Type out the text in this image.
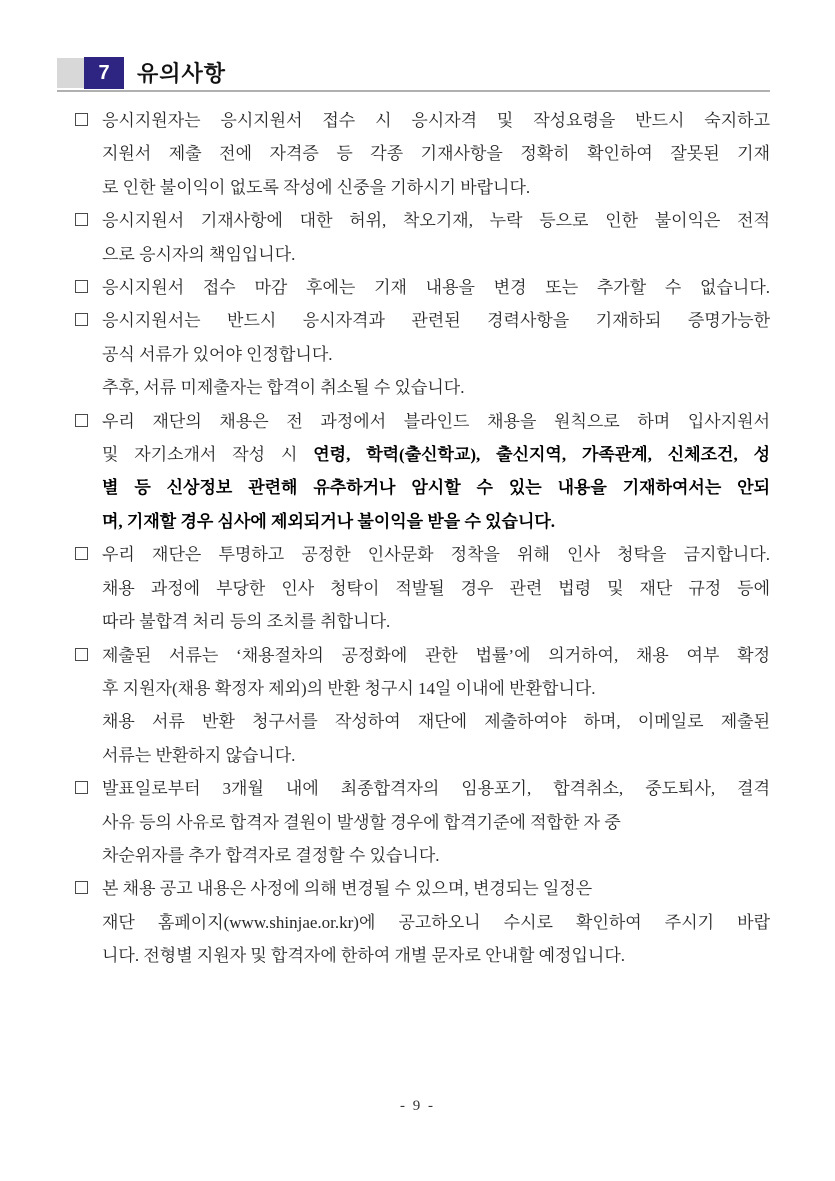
7	유의사항
응시지원자는 응시지원서 접수 시 응시자격 및 작성요령을 반드시 숙지하고
지원서 제출 전에 자격증 등 각종 기재사항을 정확히 확인하여 잘못된 기재
로 인한 불이익이 없도록 작성에 신중을 기하시기 바랍니다.
응시지원서 기재사항에 대한 허위, 착오기재, 누락 등으로 인한 불이익은 전적
으로 응시자의 책임입니다.
응시지원서 접수 마감 후에는 기재 내용을 변경 또는 추가할 수 없습니다.
응시지원서는 반드시 응시자격과 관련된 경력사항을 기재하되 증명가능한
공식 서류가 있어야 인정합니다.
추후, 서류 미제출자는 합격이 취소될 수 있습니다.
우리 재단의 채용은 전 과정에서 블라인드 채용을 원칙으로 하며 입사지원서
및 자기소개서 작성 시 연령, 학력(출신학교), 출신지역, 가족관계, 신체조건, 성
별 등 신상정보 관련해 유추하거나 암시할 수 있는 내용을 기재하여서는 안되
며, 기재할 경우 심사에 제외되거나 불이익을 받을 수 있습니다.
우리 재단은 투명하고 공정한 인사문화 정착을 위해 인사 청탁을 금지합니다.
채용 과정에 부당한 인사 청탁이 적발될 경우 관련 법령 및 재단 규정 등에
따라 불합격 처리 등의 조치를 취합니다.
제출된 서류는 ‘채용절차의 공정화에 관한 법률’에 의거하여, 채용 여부 확정
후 지원자(채용 확정자 제외)의 반환 청구시 14일 이내에 반환합니다.
채용 서류 반환 청구서를 작성하여 재단에 제출하여야 하며, 이메일로 제출된
서류는 반환하지 않습니다.
발표일로부터 3개월 내에 최종합격자의 임용포기, 합격취소, 중도퇴사, 결격
사유 등의 사유로 합격자 결원이 발생할 경우에 합격기준에 적합한 자 중
차순위자를 추가 합격자로 결정할 수 있습니다.
본 채용 공고 내용은 사정에 의해 변경될 수 있으며, 변경되는 일정은
재단 홈페이지(www.shinjae.or.kr)에 공고하오니 수시로 확인하여 주시기 바랍
니다. 전형별 지원자 및 합격자에 한하여 개별 문자로 안내할 예정입니다.
- 9 -
